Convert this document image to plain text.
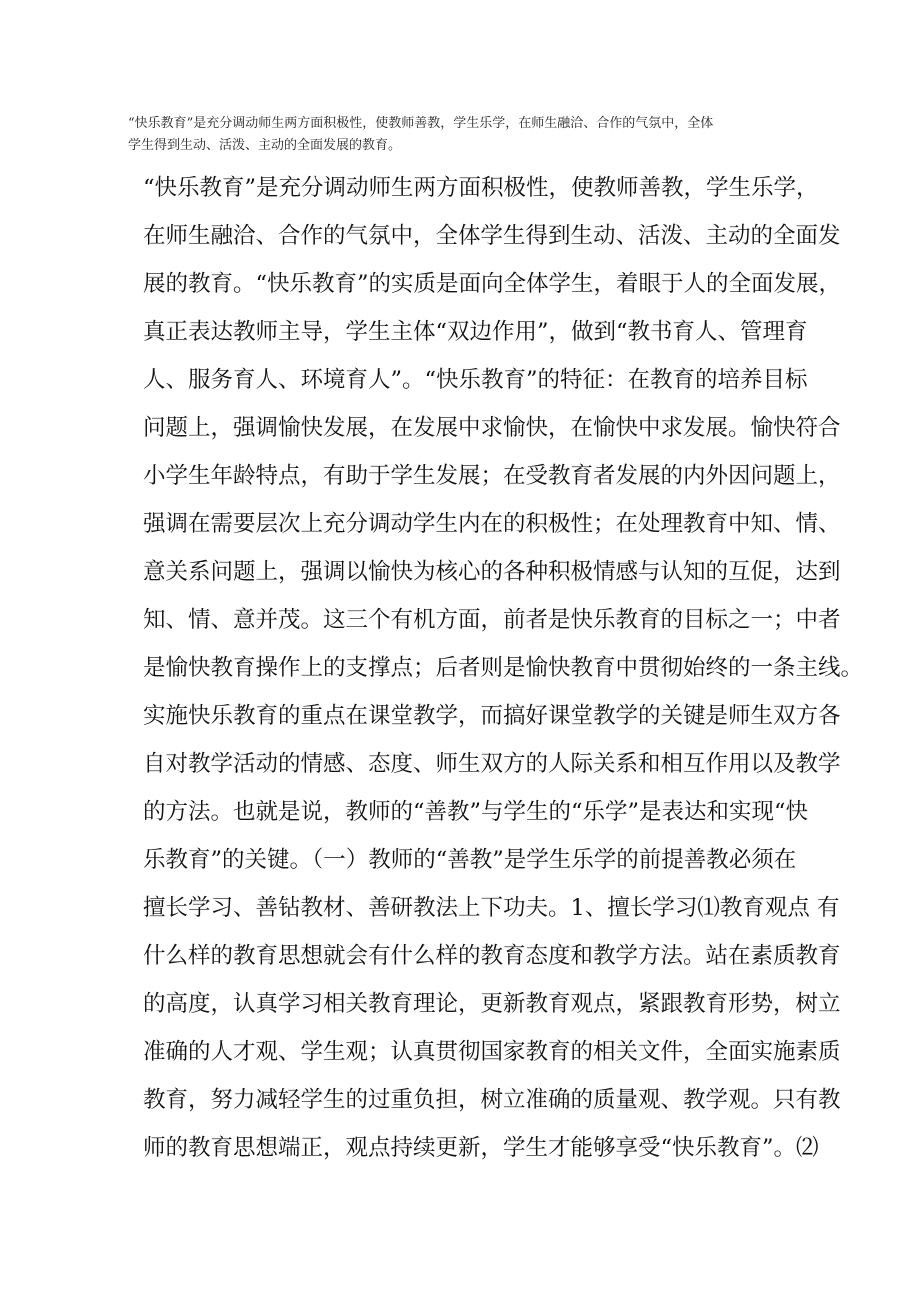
“快乐教育”是充分调动师生两方面积极性，使教师善教，学生乐学，在师生融洽、合作的气氛中，全体
学生得到生动、活泼、主动的全面发展的教育。
“快乐教育”是充分调动师生两方面积极性，使教师善教，学生乐学，
在师生融洽、合作的气氛中，全体学生得到生动、活泼、主动的全面发
展的教育。“快乐教育”的实质是面向全体学生，着眼于人的全面发展，
真正表达教师主导，学生主体“双边作用”，做到“教书育人、管理育
人、服务育人、环境育人”。“快乐教育”的特征：在教育的培养目标
问题上，强调愉快发展，在发展中求愉快，在愉快中求发展。愉快符合
小学生年龄特点，有助于学生发展；在受教育者发展的内外因问题上，
强调在需要层次上充分调动学生内在的积极性；在处理教育中知、情、
意关系问题上，强调以愉快为核心的各种积极情感与认知的互促，达到
知、情、意并茂。这三个有机方面，前者是快乐教育的目标之一；中者
是愉快教育操作上的支撑点；后者则是愉快教育中贯彻始终的一条主线。
实施快乐教育的重点在课堂教学，而搞好课堂教学的关键是师生双方各
自对教学活动的情感、态度、师生双方的人际关系和相互作用以及教学
的方法。也就是说，教师的“善教”与学生的“乐学”是表达和实现“快
乐教育”的关键。（一）教师的“善教”是学生乐学的前提善教必须在
擅长学习、善钻教材、善研教法上下功夫。1、擅长学习⑴教育观点 有
什么样的教育思想就会有什么样的教育态度和教学方法。站在素质教育
的高度，认真学习相关教育理论，更新教育观点，紧跟教育形势，树立
准确的人才观、学生观；认真贯彻国家教育的相关文件，全面实施素质
教育，努力减轻学生的过重负担，树立准确的质量观、教学观。只有教
师的教育思想端正，观点持续更新，学生才能够享受“快乐教育”。⑵
